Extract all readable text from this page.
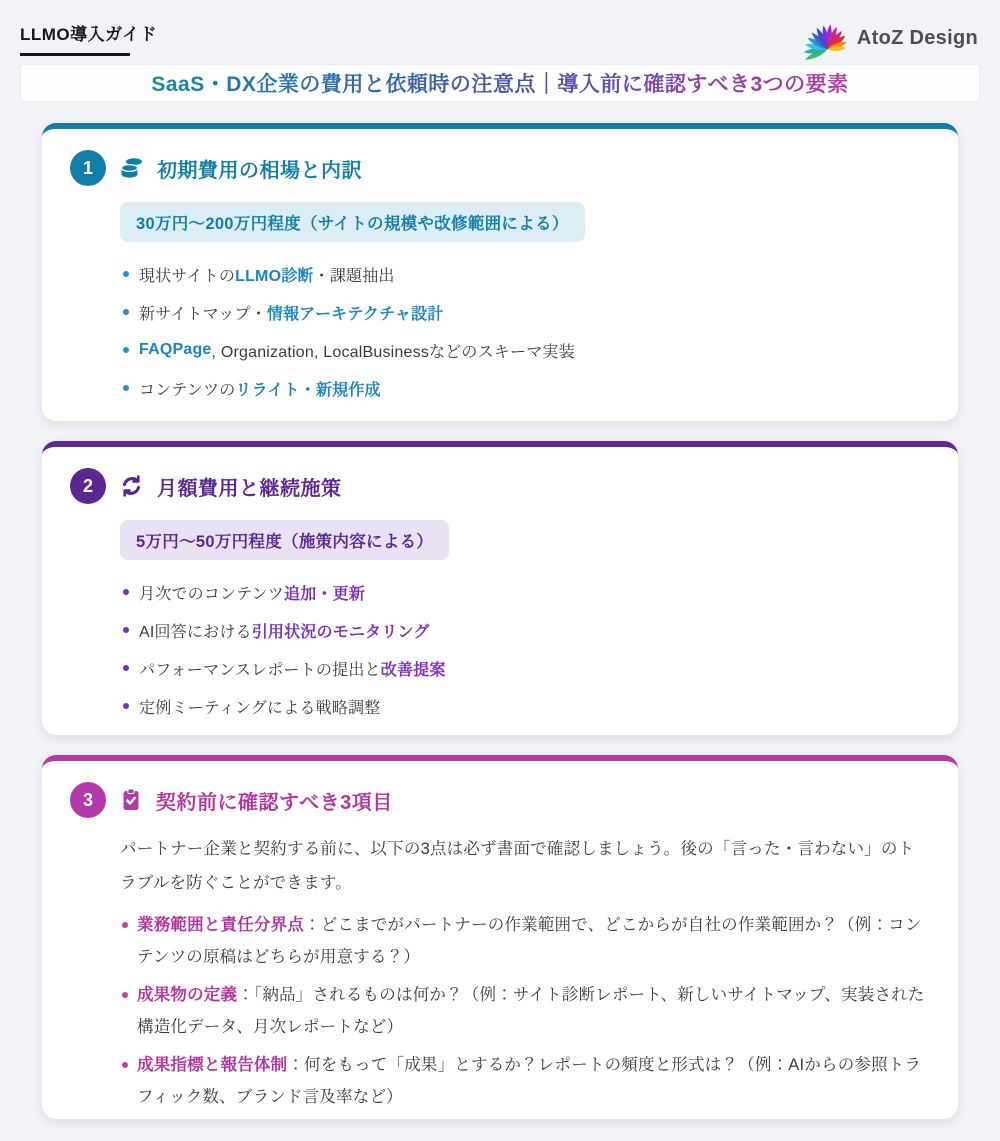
LLMO導入ガイド	AtoZ Design
SaaS・DX企業の費用と依頼時の注意点｜導入前に確認すべき3つの要素
1	初期費用の相場と内訳
30万円〜200万円程度（サイトの規模や改修範囲による）
現状サイトの LLMO診断 ・課題抽出
新サイトマップ・ 情報アーキテクチャ設計
FAQPage , Organization, LocalBusinessなどのスキーマ実装
コンテンツの リライト・新規作成
2	月額費用と継続施策
5万円〜50万円程度（施策内容による）
月次でのコンテンツ 追加・更新
AI回答における 引用状況のモニタリング
パフォーマンスレポートの提出と 改善提案
定例ミーティングによる戦略調整
3	契約前に確認すべき3項目

パートナー企業と契約する前に、以下の3点は必ず書面で確認しましょう。後の「言った・言わない」のトラブルを防ぐことができます。

業務範囲と責任分界点：どこまでがパートナーの作業範囲で、どこからが自社の作業範囲か？（例：コンテンツの原稿はどちらが用意する？）
成果物の定義：「納品」されるものは何か？（例：サイト診断レポート、新しいサイトマップ、実装された構造化データ、月次レポートなど）
成果指標と報告体制：何をもって「成果」とするか？レポートの頻度と形式は？（例：AIからの参照トラフィック数、ブランド言及率など）
